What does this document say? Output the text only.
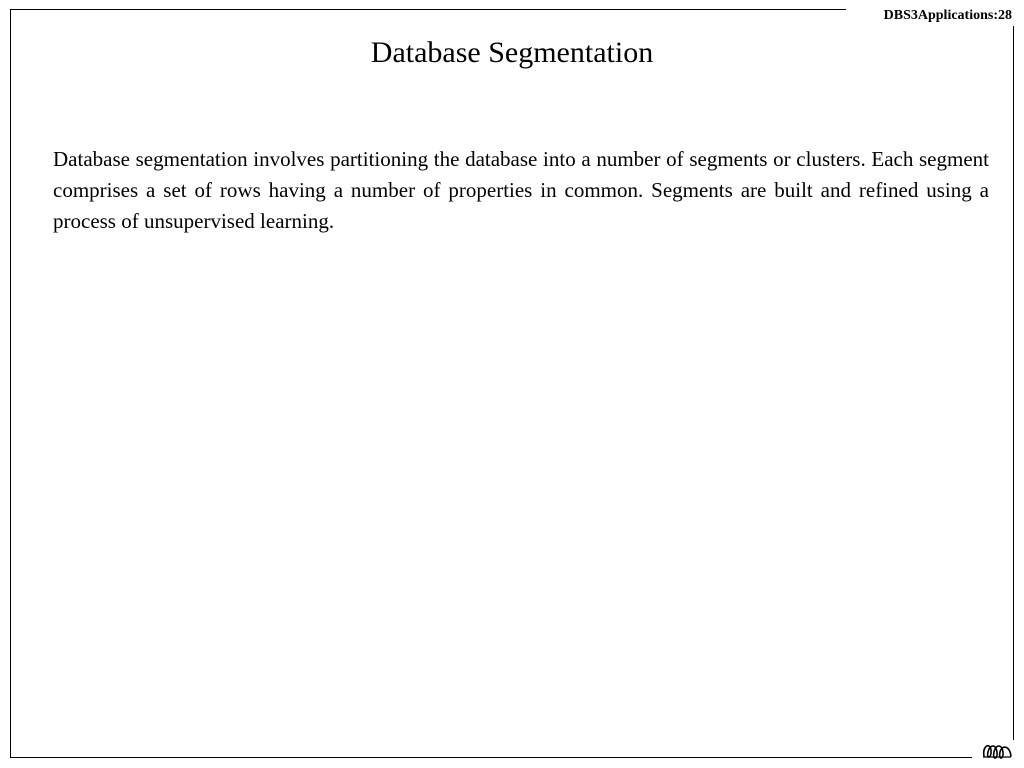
DBS3Applications:28
Database Segmentation

Database segmentation involves partitioning the database into a number of segments or clusters. Each segment comprises a set of rows having a number of properties in common. Segments are built and refined using a process of unsupervised learning.
